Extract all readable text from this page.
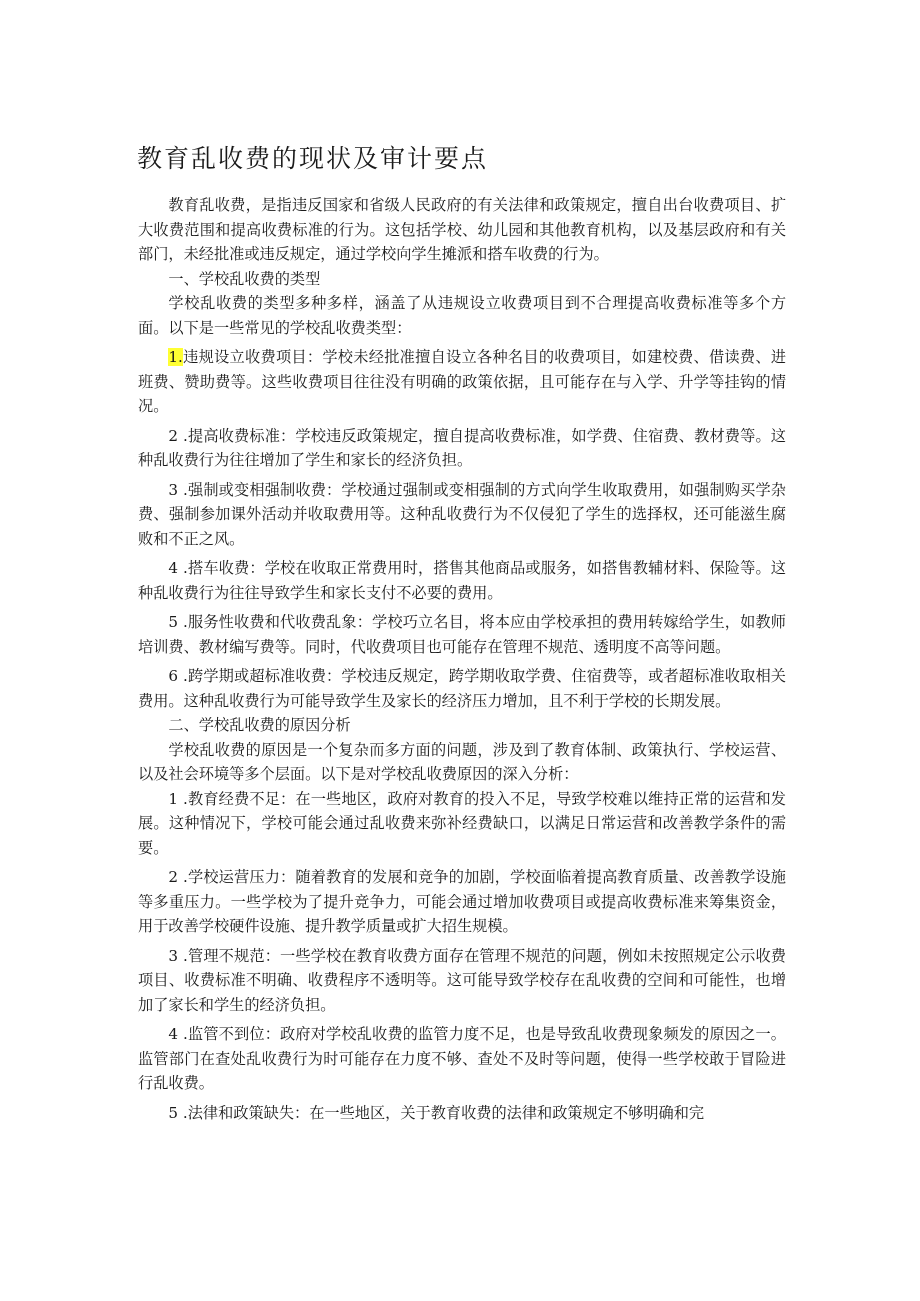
教育乱收费的现状及审计要点

教育乱收费，是指违反国家和省级人民政府的有关法律和政策规定，擅自出台收费项目、扩大收费范围和提高收费标准的行为。这包括学校、幼儿园和其他教育机构，以及基层政府和有关部门，未经批准或违反规定，通过学校向学生摊派和搭车收费的行为。

一、学校乱收费的类型

学校乱收费的类型多种多样，涵盖了从违规设立收费项目到不合理提高收费标准等多个方面。以下是一些常见的学校乱收费类型：

1.违规设立收费项目：学校未经批准擅自设立各种名目的收费项目，如建校费、借读费、进班费、赞助费等。这些收费项目往往没有明确的政策依据，且可能存在与入学、升学等挂钩的情况。

2 .提高收费标准：学校违反政策规定，擅自提高收费标准，如学费、住宿费、教材费等。这种乱收费行为往往增加了学生和家长的经济负担。

3 .强制或变相强制收费：学校通过强制或变相强制的方式向学生收取费用，如强制购买学杂费、强制参加课外活动并收取费用等。这种乱收费行为不仅侵犯了学生的选择权，还可能滋生腐败和不正之风。

4 .搭车收费：学校在收取正常费用时，搭售其他商品或服务，如搭售教辅材料、保险等。这种乱收费行为往往导致学生和家长支付不必要的费用。

5 .服务性收费和代收费乱象：学校巧立名目，将本应由学校承担的费用转嫁给学生，如教师培训费、教材编写费等。同时，代收费项目也可能存在管理不规范、透明度不高等问题。

6 .跨学期或超标准收费：学校违反规定，跨学期收取学费、住宿费等，或者超标准收取相关费用。这种乱收费行为可能导致学生及家长的经济压力增加，且不利于学校的长期发展。

二、学校乱收费的原因分析

学校乱收费的原因是一个复杂而多方面的问题，涉及到了教育体制、政策执行、学校运营、以及社会环境等多个层面。以下是对学校乱收费原因的深入分析：

1 .教育经费不足：在一些地区，政府对教育的投入不足，导致学校难以维持正常的运营和发展。这种情况下，学校可能会通过乱收费来弥补经费缺口，以满足日常运营和改善教学条件的需要。

2 .学校运营压力：随着教育的发展和竞争的加剧，学校面临着提高教育质量、改善教学设施等多重压力。一些学校为了提升竞争力，可能会通过增加收费项目或提高收费标准来筹集资金，用于改善学校硬件设施、提升教学质量或扩大招生规模。

3 .管理不规范：一些学校在教育收费方面存在管理不规范的问题，例如未按照规定公示收费项目、收费标准不明确、收费程序不透明等。这可能导致学校存在乱收费的空间和可能性，也增加了家长和学生的经济负担。

4 .监管不到位：政府对学校乱收费的监管力度不足，也是导致乱收费现象频发的原因之一。监管部门在查处乱收费行为时可能存在力度不够、查处不及时等问题，使得一些学校敢于冒险进行乱收费。

5 .法律和政策缺失：在一些地区，关于教育收费的法律和政策规定不够明确和完
